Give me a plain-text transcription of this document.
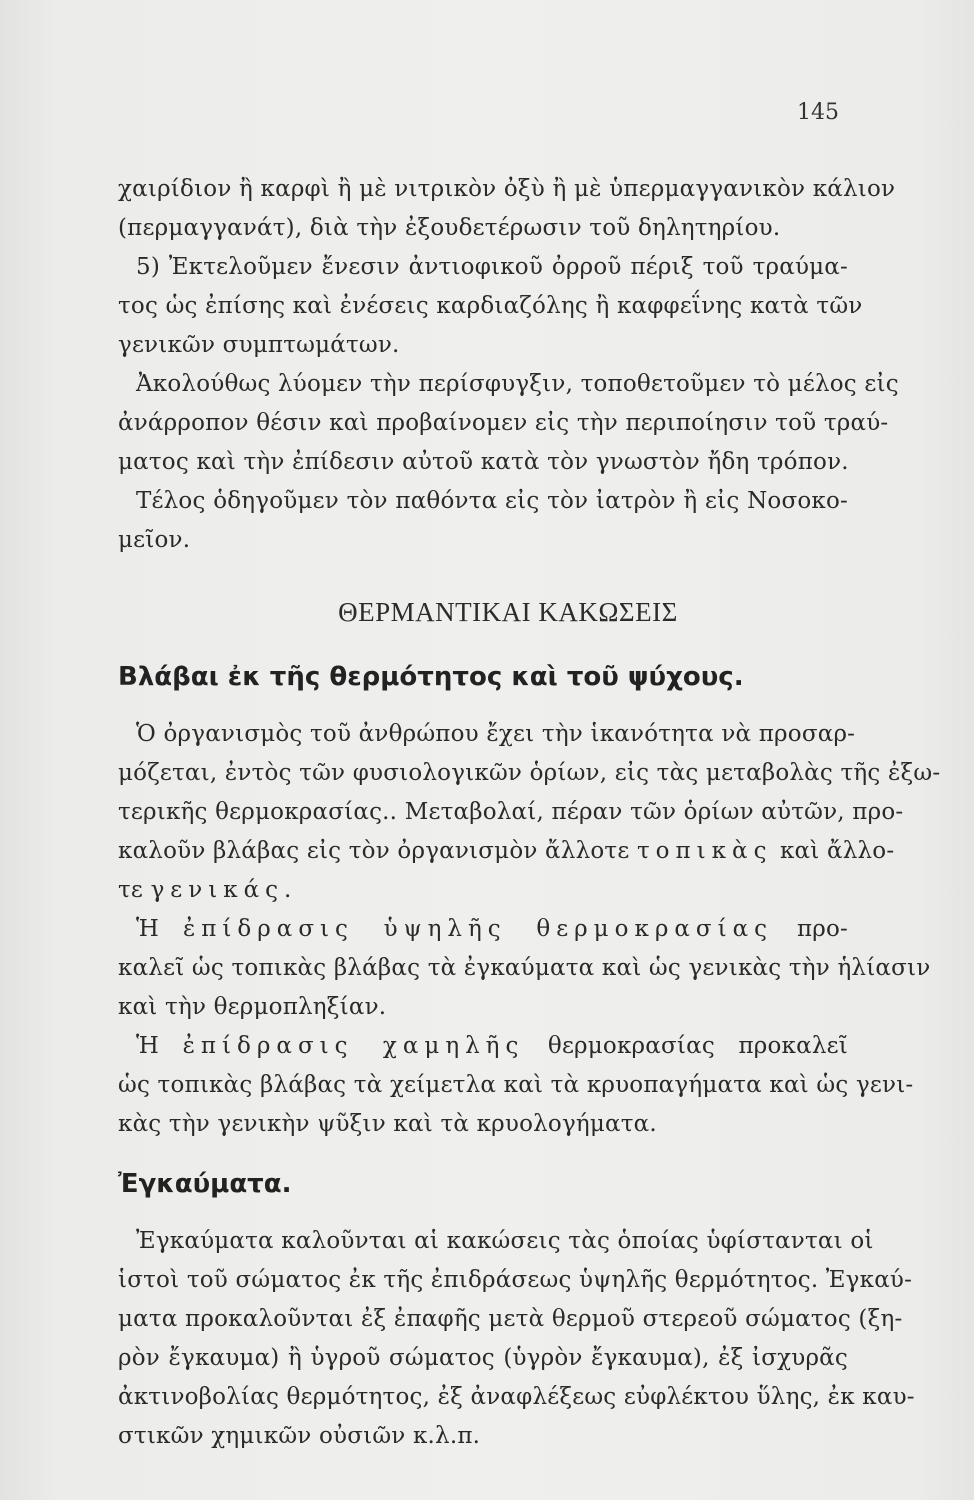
145
χαιρίδιον ἢ καρφὶ ἢ μὲ νιτρικὸν ὀξὺ ἢ μὲ ὑπερμαγγανικὸν κάλιον
(περμαγγανάτ), διὰ τὴν ἐξουδετέρωσιν τοῦ δηλητηρίου.
5) Ἐκτελοῦμεν ἔνεσιν ἀντιοφικοῦ ὀρροῦ πέριξ τοῦ τραύμα-
τος ὡς ἐπίσης καὶ ἐνέσεις καρδιαζόλης ἢ καφφεΐνης κατὰ τῶν
γενικῶν συμπτωμάτων.
Ἀκολούθως λύομεν τὴν περίσφυγξιν, τοποθετοῦμεν τὸ μέλος εἰς
ἀνάρροπον θέσιν καὶ προβαίνομεν εἰς τὴν περιποίησιν τοῦ τραύ-
ματος καὶ τὴν ἐπίδεσιν αὐτοῦ κατὰ τὸν γνωστὸν ἤδη τρόπον.
Τέλος ὁδηγοῦμεν τὸν παθόντα εἰς τὸν ἰατρὸν ἢ εἰς Νοσοκο-
μεῖον.
ΘΕΡΜΑΝΤΙΚΑΙ ΚΑΚΩΣΕΙΣ
Βλάβαι ἐκ τῆς θερμότητος καὶ τοῦ ψύχους.
Ὁ ὀργανισμὸς τοῦ ἀνθρώπου ἔχει τὴν ἱκανότητα νὰ προσαρ-
μόζεται, ἐντὸς τῶν φυσιολογικῶν ὁρίων, εἰς τὰς μεταβολὰς τῆς ἐξω-
τερικῆς θερμοκρασίας.. Μεταβολαί, πέραν τῶν ὁρίων αὐτῶν, προ-
καλοῦν βλάβας εἰς τὸν ὀργανισμὸν ἄλλοτε τοπικὰς καὶ ἄλλο-
τε γενικάς.
Ἡ ἐπίδρασις ὑψηλῆς θερμοκρασίας προ-
καλεῖ ὡς τοπικὰς βλάβας τὰ ἐγκαύματα καὶ ὡς γενικὰς τὴν ἡλίασιν
καὶ τὴν θερμοπληξίαν.
Ἡ ἐπίδρασις χαμηλῆς θερμοκρασίας προκαλεῖ
ὡς τοπικὰς βλάβας τὰ χείμετλα καὶ τὰ κρυοπαγήματα καὶ ὡς γενι-
κὰς τὴν γενικὴν ψῦξιν καὶ τὰ κρυολογήματα.
Ἐγκαύματα.
Ἐγκαύματα καλοῦνται αἱ κακώσεις τὰς ὁποίας ὑφίστανται οἱ
ἱστοὶ τοῦ σώματος ἐκ τῆς ἐπιδράσεως ὑψηλῆς θερμότητος. Ἐγκαύ-
ματα προκαλοῦνται ἐξ ἐπαφῆς μετὰ θερμοῦ στερεοῦ σώματος (ξη-
ρὸν ἔγκαυμα) ἢ ὑγροῦ σώματος (ὑγρὸν ἔγκαυμα), ἐξ ἰσχυρᾶς
ἀκτινοβολίας θερμότητος, ἐξ ἀναφλέξεως εὐφλέκτου ὕλης, ἐκ καυ-
στικῶν χημικῶν οὐσιῶν κ.λ.π.
